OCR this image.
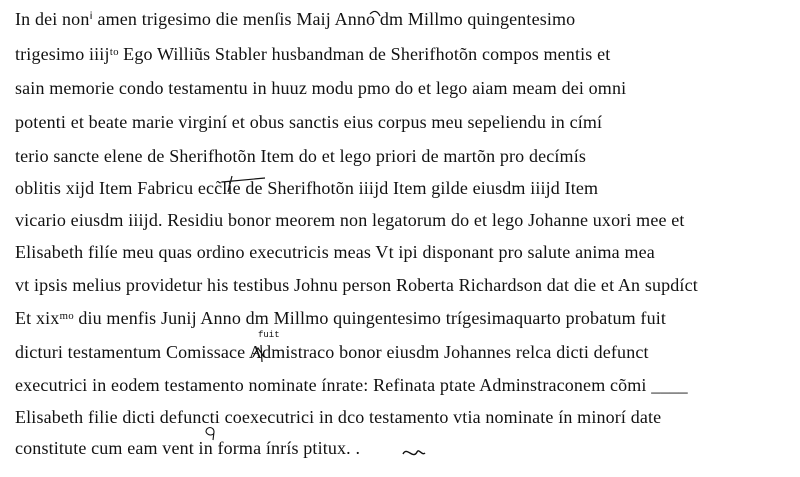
In dei nonⁱ amen trigesimo die menſis Maij Anno dm Millmo quingentesimo
trigesimo iiijᵗᵒ Ego Williũs Stabler husbandman de Sherifhotõn compos mentis et
sain memorie condo testamentu in huuz modu pmo do et lego aiam meam dei omni
potenti et beate marie virginí et obus sanctis eius corpus meu sepeliendu in címí
terio sancte elene de Sherifhotõn Item do et lego priori de martõn pro decímís
oblitis xijd Item Fabricu ecc̃lie de Sherifhotõn iiijd Item gilde eiusdm iiijd Item
vicario eiusdm iiijd. Residiu bonor meorem non legatorum do et lego Johanne uxori mee et
Elisabeth filíe meu quas ordino executricis meas Vt ipi disponant pro salute anima mea
vt ipsis melius providetur his testibus Johnu person Roberta Richardson dat die et An supdíct
Et xixᵐᵒ diu menfis Junij Anno dm Millmo quingentesimo trígesimaquarto probatum fuit
dicturi testamentum Comissace Admistraco bonor eiusdm Johannes relca dicti defunct
executrici in eodem testamento nominate ínrate: Refinata ptate Adminstraconem cõmi ____
Elisabeth filie dicti defuncti coexecutrici in dco testamento vtia nominate ín minorí date
constitute cum eam vent in forma ínrís ptitux. .
fuit
